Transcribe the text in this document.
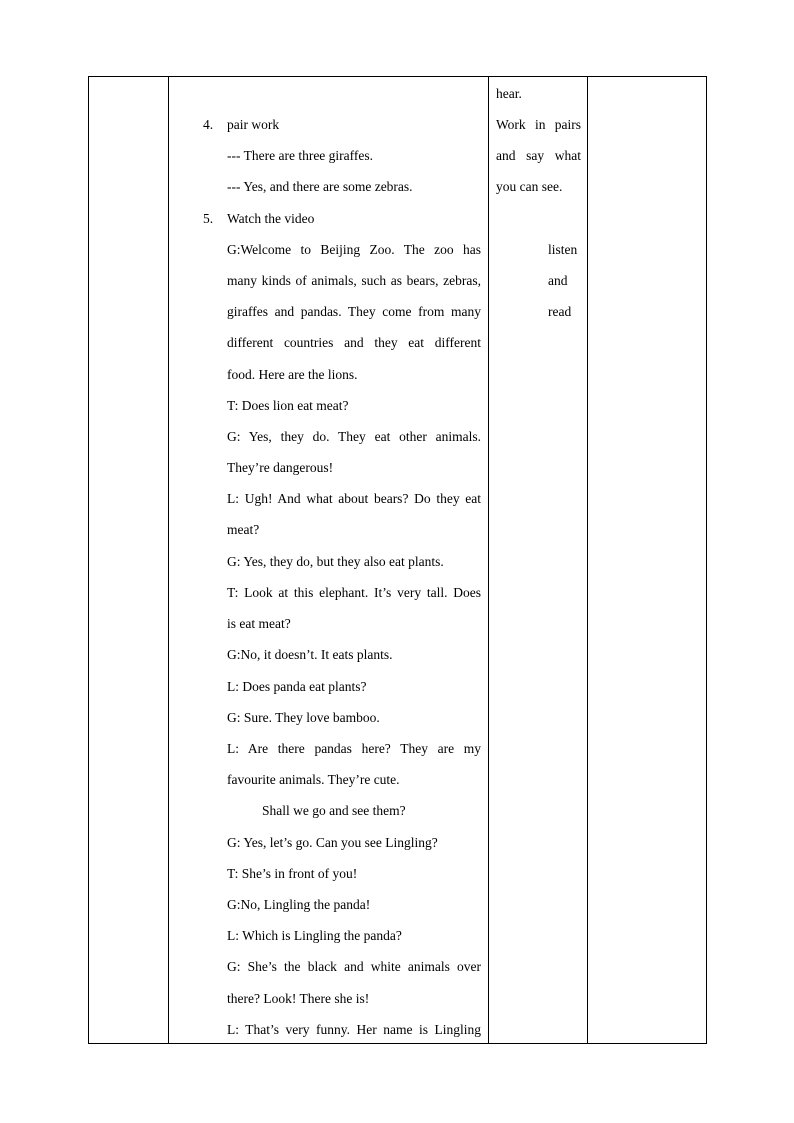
4. pair work
--- There are three giraffes.
--- Yes, and there are some zebras.
5. Watch the video
G:Welcome to Beijing Zoo. The zoo has
many kinds of animals, such as bears, zebras,
giraffes and pandas. They come from many
different countries and they eat different
food. Here are the lions.
T: Does lion eat meat?
G: Yes, they do. They eat other animals.
They’re dangerous!
L: Ugh! And what about bears? Do they eat
meat?
G: Yes, they do, but they also eat plants.
T: Look at this elephant. It’s very tall. Does
is eat meat?
G:No, it doesn’t. It eats plants.
L: Does panda eat plants?
G: Sure. They love bamboo.
L: Are there pandas here? They are my
favourite animals. They’re cute.
Shall we go and see them?
G: Yes, let’s go. Can you see Lingling?
T: She’s in front of you!
G:No, Lingling the panda!
L: Which is Lingling the panda?
G: She’s the black and white animals over
there? Look! There she is!
L: That’s very funny. Her name is Lingling
hear.
Work in pairs
and say what
you can see.
listen
and
read
